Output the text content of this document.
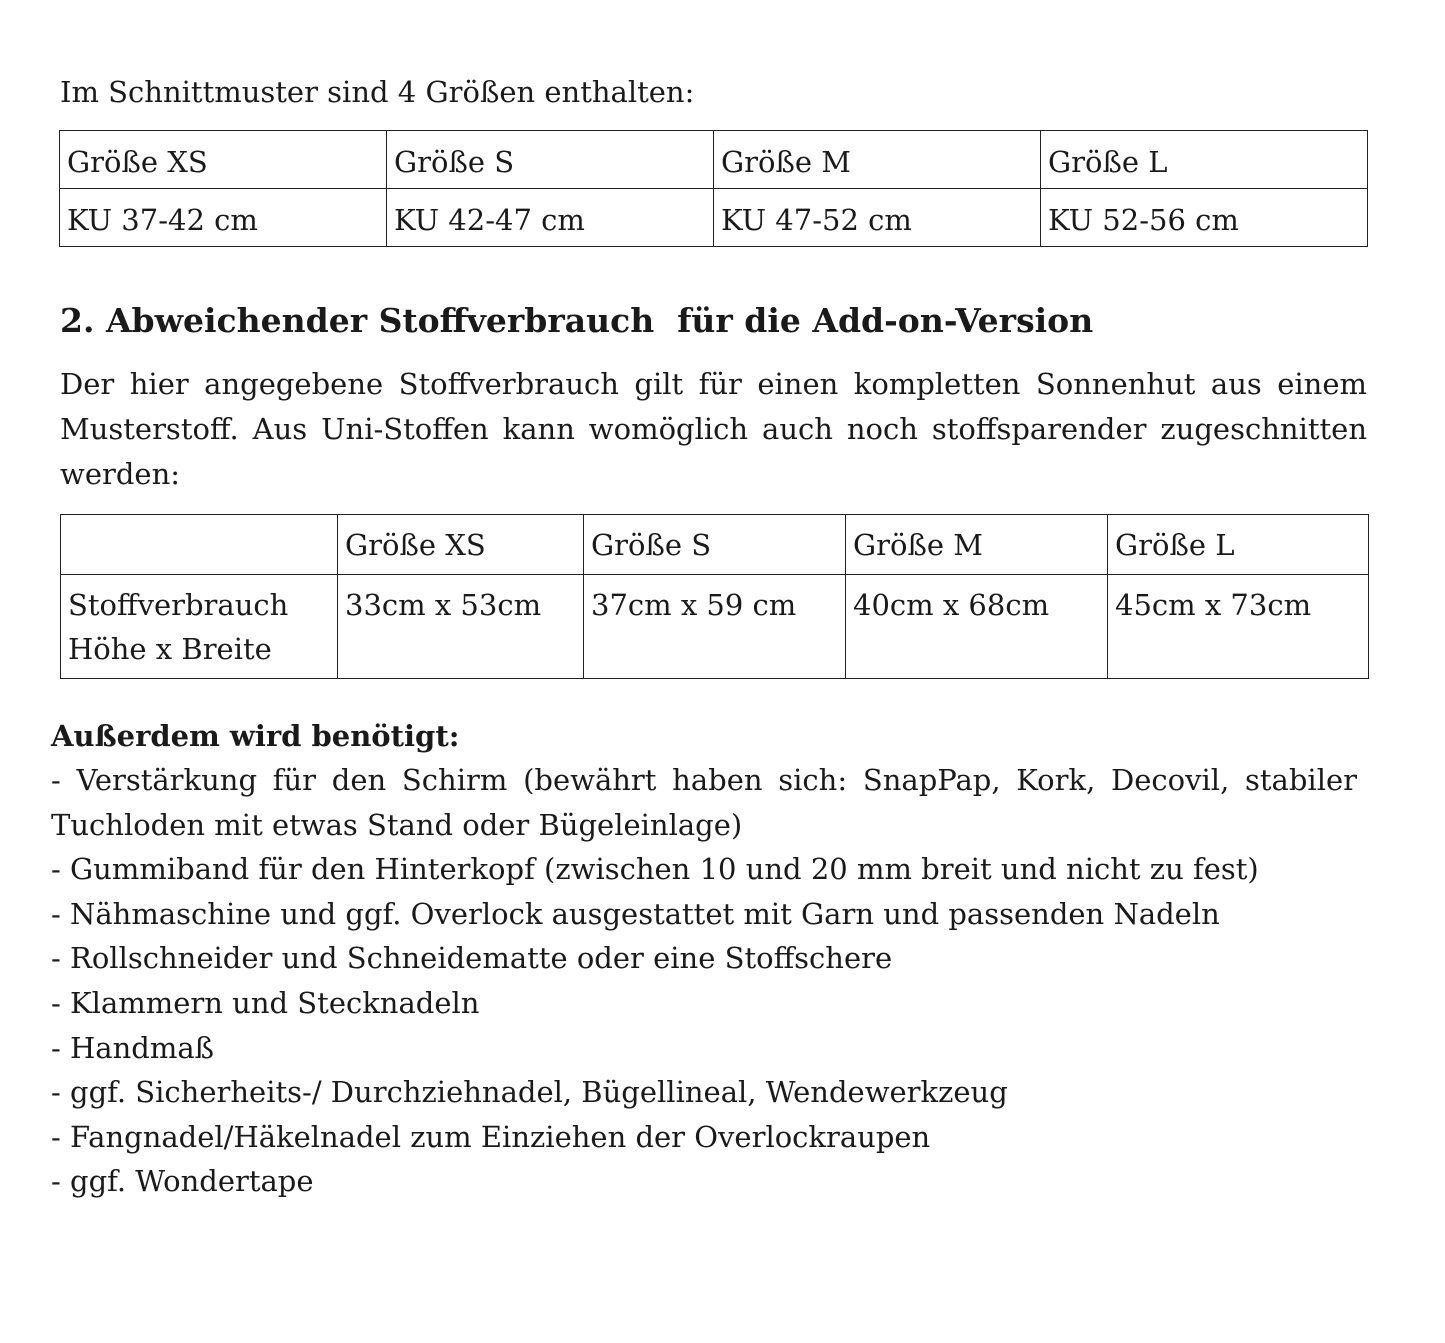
Im Schnittmuster sind 4 Größen enthalten:
Größe XS	Größe S	Größe M	Größe L
KU 37-42 cm	KU 42-47 cm	KU 47-52 cm	KU 52-56 cm
2. Abweichender Stoffverbrauch  für die Add-on-Version
Der hier angegebene Stoffverbrauch gilt für einen kompletten Sonnenhut aus einem
Musterstoff. Aus Uni-Stoffen kann womöglich auch noch stoffsparender zugeschnitten
werden:
	Größe XS	Größe S	Größe M	Größe L

Stoffverbrauch
Höhe x Breite	33cm x 53cm	37cm x 59 cm	40cm x 68cm	45cm x 73cm
Außerdem wird benötigt:
- Verstärkung für den Schirm (bewährt haben sich: SnapPap, Kork, Decovil, stabiler
Tuchloden mit etwas Stand oder Bügeleinlage)
- Gummiband für den Hinterkopf (zwischen 10 und 20 mm breit und nicht zu fest)
- Nähmaschine und ggf. Overlock ausgestattet mit Garn und passenden Nadeln
- Rollschneider und Schneidematte oder eine Stoffschere
- Klammern und Stecknadeln
- Handmaß
- ggf. Sicherheits-/ Durchziehnadel, Bügellineal, Wendewerkzeug
- Fangnadel/Häkelnadel zum Einziehen der Overlockraupen
- ggf. Wondertape
